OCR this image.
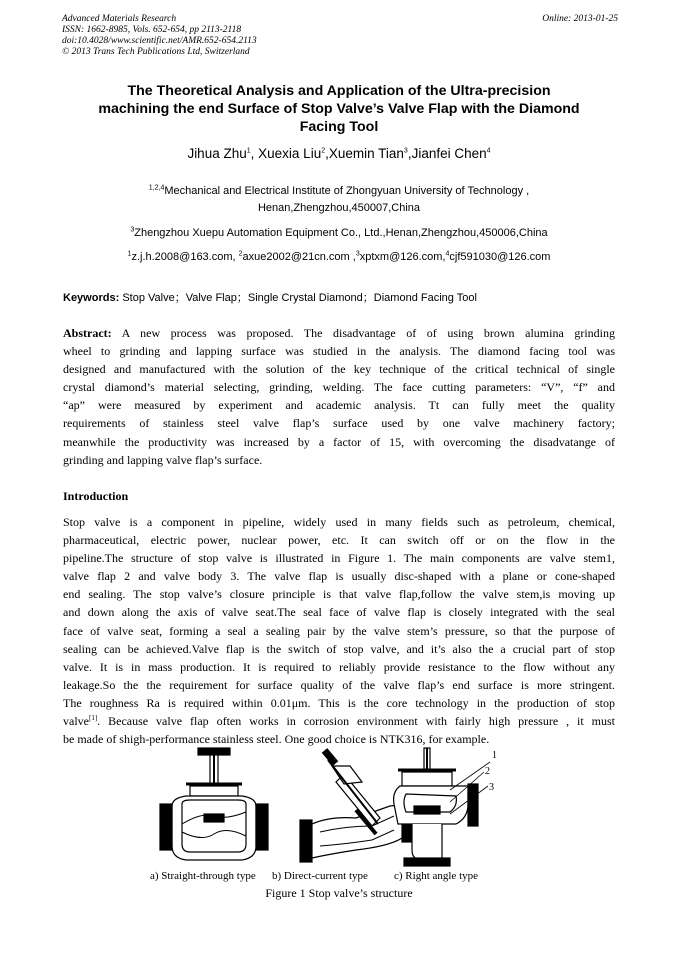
Advanced Materials Research
ISSN: 1662-8985, Vols. 652-654, pp 2113-2118
doi:10.4028/www.scientific.net/AMR.652-654.2113
© 2013 Trans Tech Publications Ltd, Switzerland
Online: 2013-01-25
The Theoretical Analysis and Application of the Ultra-precision
machining the end Surface of Stop Valve’s Valve Flap with the Diamond
Facing Tool
Jihua Zhu$^1$, Xuexia Liu$^2$,Xuemin Tian$^3$,Jianfei Chen$^4$
$^{1,2,4}$Mechanical and Electrical Institute of Zhongyuan University of Technology ,
Henan,Zhengzhou,450007,China
$^3$Zhengzhou Xuepu Automation Equipment Co., Ltd.,Henan,Zhengzhou,450006,China
$^1$z.j.h.2008@163.com, $^2$axue2002@21cn.com ,$^3$xptxm@126.com,$^4$cjf591030@126.com
Keywords: Stop Valve；Valve Flap；Single Crystal Diamond；Diamond Facing Tool
Abstract: A new process was proposed. The disadvantage of of using brown alumina grinding
wheel to grinding and lapping surface was studied in the analysis. The diamond facing tool was
designed and manufactured with the solution of the key technique of the critical technical of single
crystal diamond’s material selecting, grinding, welding. The face cutting parameters: “V”, “f” and
“ap” were measured by experiment and academic analysis. Tt can fully meet the quality
requirements of stainless steel valve flap’s surface used by one valve machinery factory;
meanwhile the productivity was increased by a factor of 15, with overcoming the disadvatange of
grinding and lapping valve flap’s surface.
Introduction
Stop valve is a component in pipeline, widely used in many fields such as petroleum, chemical,
pharmaceutical, electric power, nuclear power, etc. It can switch off or on the flow in the
pipeline.The structure of stop valve is illustrated in Figure 1. The main components are valve stem1,
valve flap 2 and valve body 3. The valve flap is usually disc-shaped with a plane or cone-shaped
end sealing. The stop valve’s closure principle is that valve flap,follow the valve stem,is moving up
and down along the axis of valve seat.The seal face of valve flap is closely integrated with the seal
face of valve seat, forming a seal a sealing pair by the valve stem’s pressure, so that the purpose of
sealing can be achieved.Valve flap is the switch of stop valve, and it’s also the a crucial part of stop
valve. It is in mass production. It is required to reliably provide resistance to the flow without any
leakage.So the the requirement for surface quality of the valve flap’s end surface is more stringent.
The roughness Ra is required within 0.01μm. This is the core technology in the production of stop
valve[1]. Because valve flap often works in corrosion environment with fairly high pressure , it must
be made of shigh-performance stainless steel. One good choice is NTK316, for example.
1
2
3
a) Straight-through type b) Direct-current type c) Right angle type
Figure 1 Stop valve’s structure
